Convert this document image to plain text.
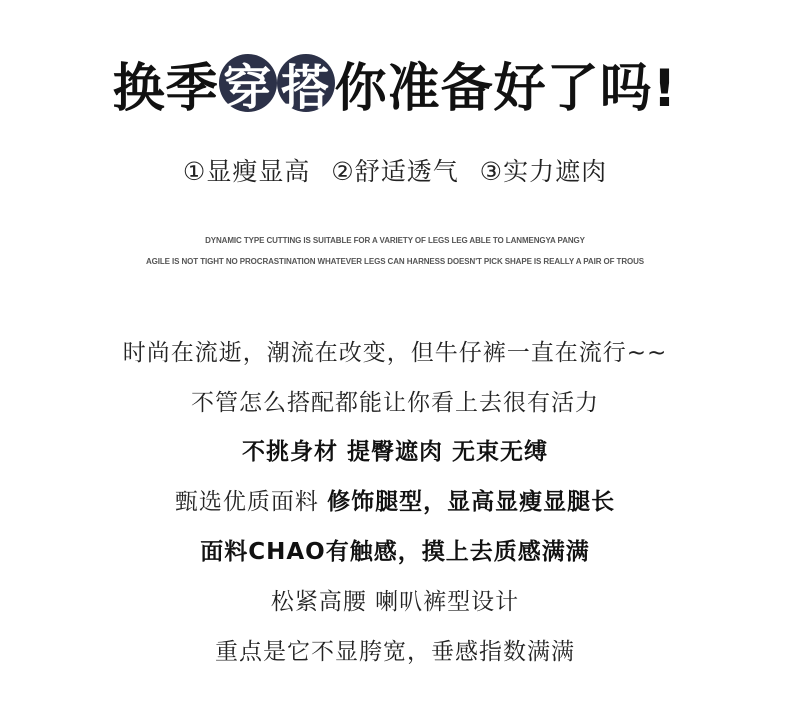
换季 穿 搭 你准备好了吗!
①显瘦显高 ②舒适透气 ③实力遮肉
DYNAMIC TYPE CUTTING IS SUITABLE FOR A VARIETY OF LEGS LEG ABLE TO LANMENGYA PANGY
AGILE IS NOT TIGHT NO PROCRASTINATION WHATEVER LEGS CAN HARNESS DOESN'T PICK SHAPE IS REALLY A PAIR OF TROUS
时尚在流逝，潮流在改变，但牛仔裤一直在流行~~
不管怎么搭配都能让你看上去很有活力
不挑身材 提臀遮肉 无束无缚
甄选优质面料 修饰腿型，显高显瘦显腿长
面料CHAO有触感，摸上去质感满满
松紧高腰 喇叭裤型设计
重点是它不显胯宽，垂感指数满满
